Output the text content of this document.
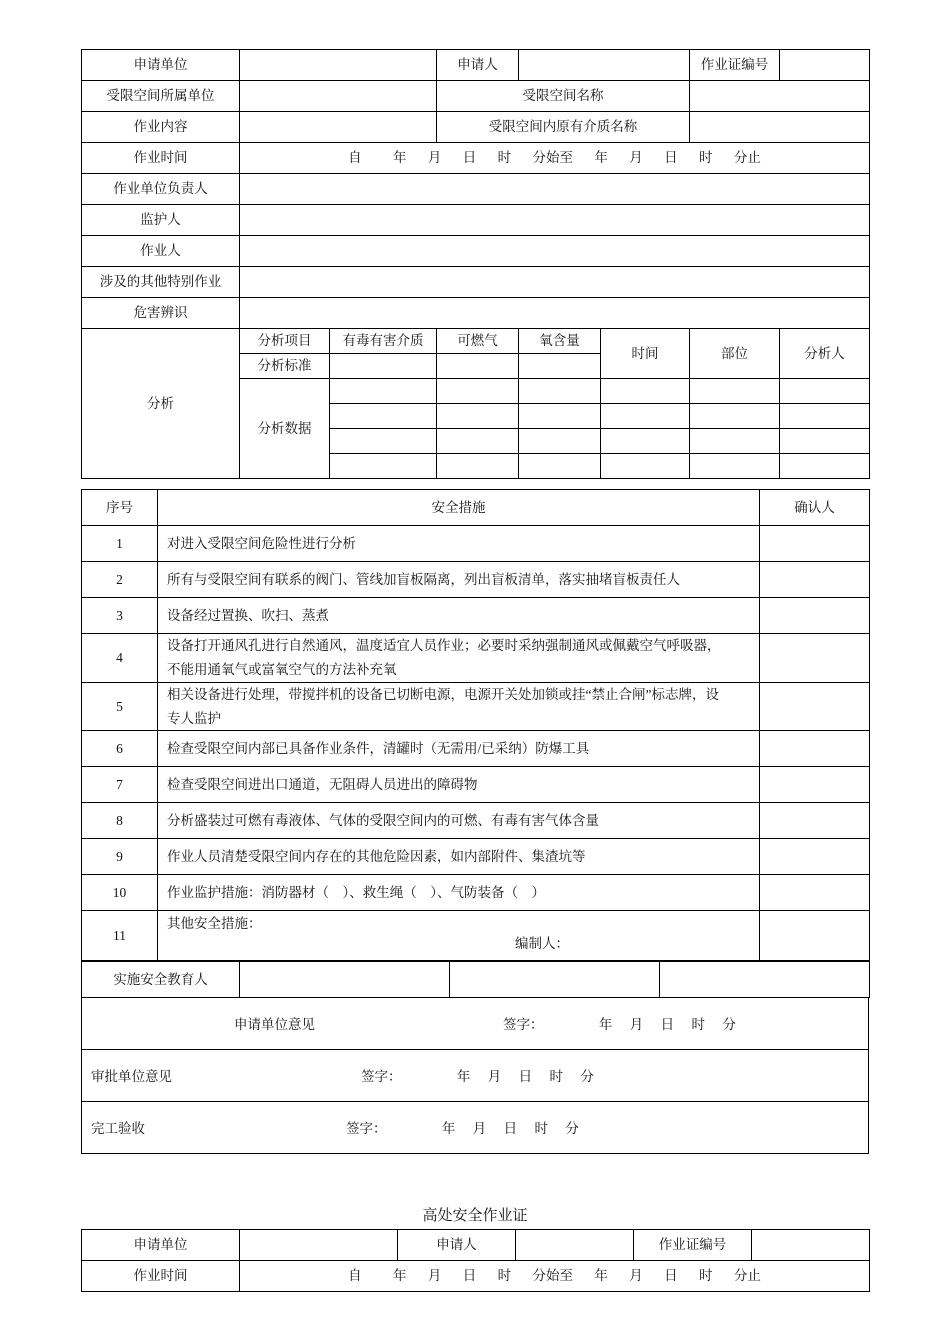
申请单位			申请人			作业证编号	
受限空间所属单位			受限空间名称				
作业内容			受限空间内原有介质名称				
作业时间	自 年 月 日 时 分始至 年 月 日 时 分止						
作业单位负责人							
监护人							
作业人							
涉及的其他特别作业							
危害辨识							
分析	分析项目	有毒有害介质	可燃气	氧含量	时间	部位	分析人
	分析标准						
	分析数据						

序号	安全措施	确认人
1	对进入受限空间危险性进行分析	
2	所有与受限空间有联系的阀门、管线加盲板隔离，列出盲板清单，落实抽堵盲板责任人	
3	设备经过置换、吹扫、蒸煮	
4	设备打开通风孔进行自然通风，温度适宜人员作业；必要时采纳强制通风或佩戴空气呼吸器，不能用通氧气或富氧空气的方法补充氧	
5	相关设备进行处理，带搅拌机的设备已切断电源，电源开关处加锁或挂“禁止合闸”标志牌，设专人监护	
6	检查受限空间内部已具备作业条件，清罐时（无需用/已采纳）防爆工具	
7	检查受限空间进出口通道，无阻碍人员进出的障碍物	
8	分析盛装过可燃有毒液体、气体的受限空间内的可燃、有毒有害气体含量	
9	作业人员清楚受限空间内存在的其他危险因素，如内部附件、集渣坑等	
10	作业监护措施：消防器材（　）、救生绳（　）、气防装备（　）	
11	其他安全措施：
编制人：	

实施安全教育人			
申请单位意见	签字：	年 月 日 时 分

审批单位意见	签字：	年 月 日 时 分

完工验收	签字：	年 月 日 时 分
高处安全作业证
申请单位		申请人		作业证编号	
作业时间	自 年 月 日 时 分始至 年 月 日 时 分止				
